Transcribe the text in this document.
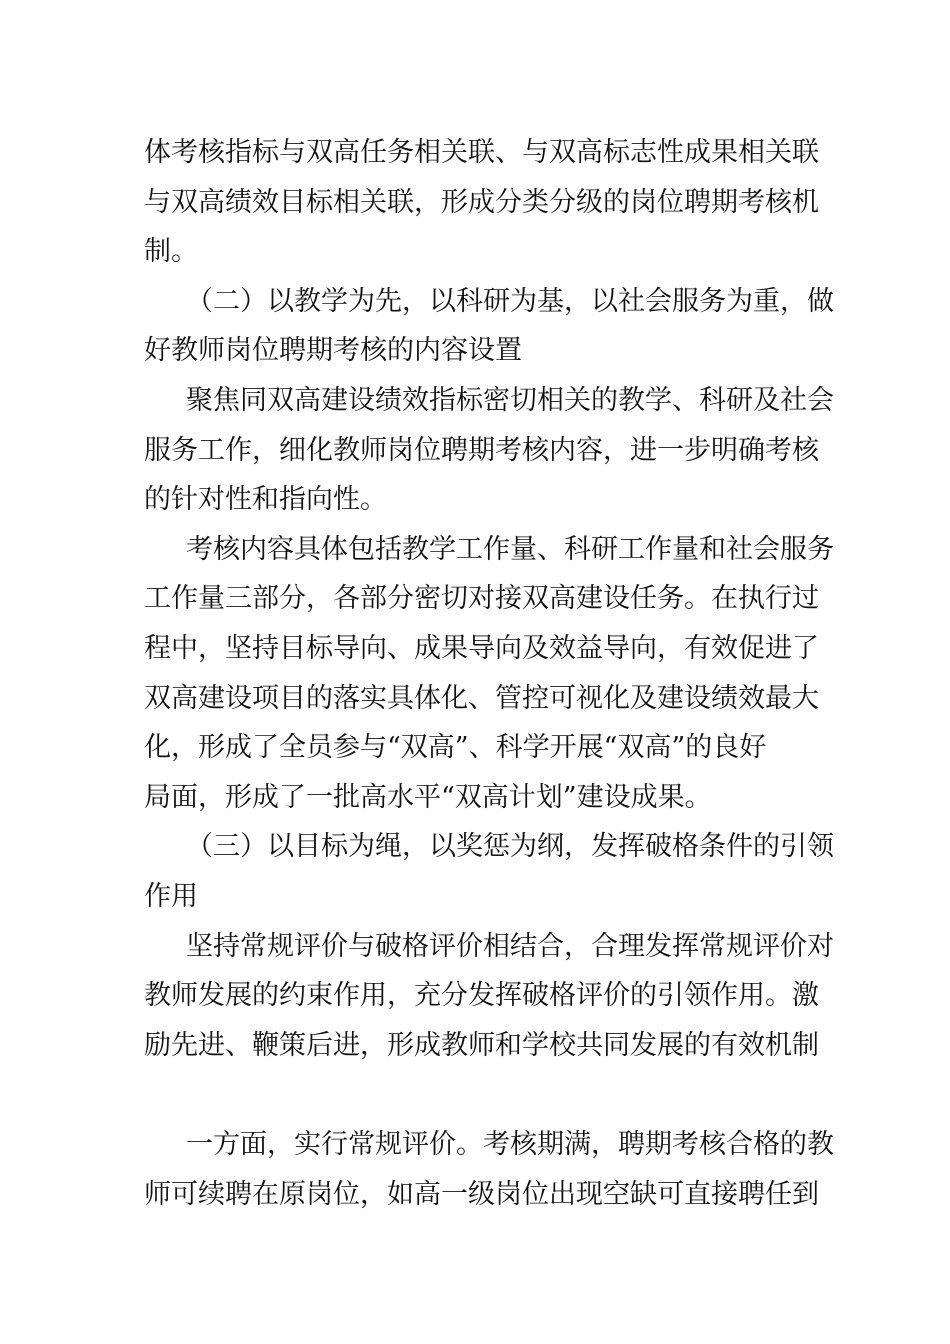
体考核指标与双高任务相关联、与双高标志性成果相关联
与双高绩效目标相关联，形成分类分级的岗位聘期考核机
制。
（二）以教学为先，以科研为基，以社会服务为重，做
好教师岗位聘期考核的内容设置
聚焦同双高建设绩效指标密切相关的教学、科研及社会
服务工作，细化教师岗位聘期考核内容，进一步明确考核
的针对性和指向性。
考核内容具体包括教学工作量、科研工作量和社会服务
工作量三部分，各部分密切对接双高建设任务。在执行过
程中，坚持目标导向、成果导向及效益导向，有效促进了
双高建设项目的落实具体化、管控可视化及建设绩效最大
化，形成了全员参与“双高”、科学开展“双高”的良好
局面，形成了一批高水平“双高计划”建设成果。
（三）以目标为绳，以奖惩为纲，发挥破格条件的引领
作用
坚持常规评价与破格评价相结合，合理发挥常规评价对
教师发展的约束作用，充分发挥破格评价的引领作用。激
励先进、鞭策后进，形成教师和学校共同发展的有效机制
一方面，实行常规评价。考核期满，聘期考核合格的教
师可续聘在原岗位，如高一级岗位出现空缺可直接聘任到
